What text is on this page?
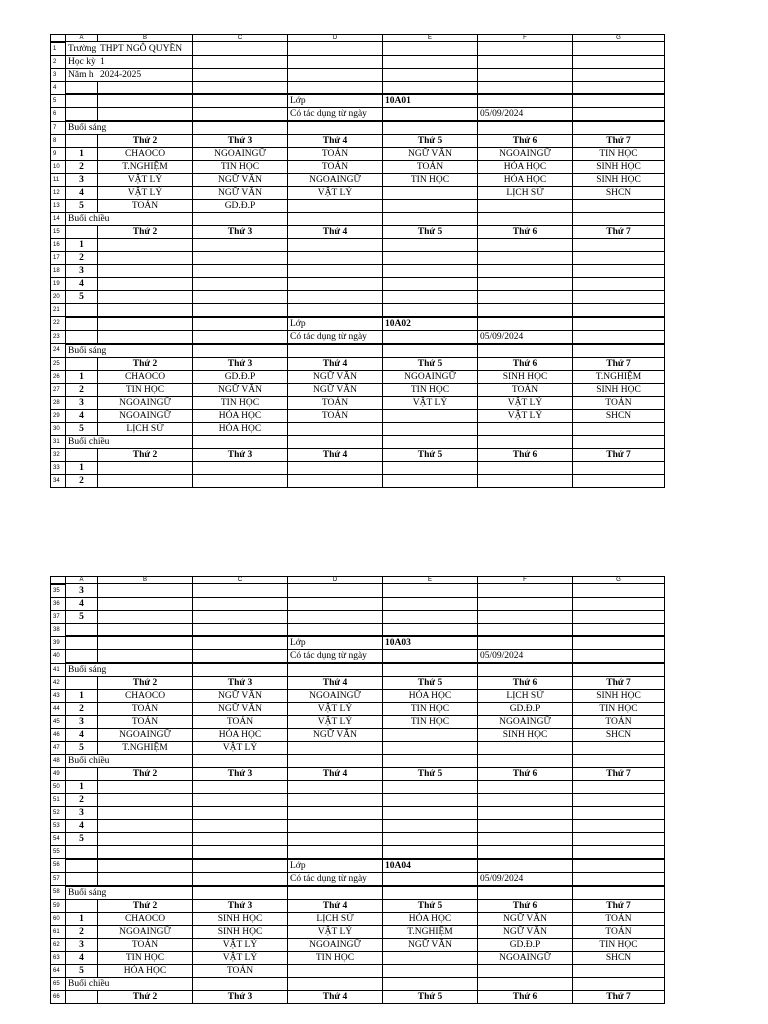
	A	B	C	D	E	F	G
1	Trường	THPT NGÔ QUYỀN					
2	Học kỳ	1					
3	Năm h	2024-2025					
4							
5				Lớp	10A01		
6				Có tác dụng từ ngày		05/09/2024	
7	Buổi sáng						
8		Thứ 2	Thứ 3	Thứ 4	Thứ 5	Thứ 6	Thứ 7
9	1	CHAOCO	NGOAINGỮ	TOÁN	NGỮ VĂN	NGOAINGỮ	TIN HỌC
10	2	T.NGHIỆM	TIN HỌC	TOÁN	TOÁN	HÓA HỌC	SINH HỌC
11	3	VẬT LÝ	NGỮ VĂN	NGOAINGỮ	TIN HỌC	HÓA HỌC	SINH HỌC
12	4	VẬT LÝ	NGỮ VĂN	VẬT LÝ		LỊCH SỬ	SHCN
13	5	TOÁN	GD.Đ.P				
14	Buổi chiều						
15		Thứ 2	Thứ 3	Thứ 4	Thứ 5	Thứ 6	Thứ 7
16	1						
17	2						
18	3						
19	4						
20	5						
21							
22				Lớp	10A02		
23				Có tác dụng từ ngày		05/09/2024	
24	Buổi sáng						
25		Thứ 2	Thứ 3	Thứ 4	Thứ 5	Thứ 6	Thứ 7
26	1	CHAOCO	GD.Đ.P	NGỮ VĂN	NGOAINGỮ	SINH HỌC	T.NGHIỆM
27	2	TIN HỌC	NGỮ VĂN	NGỮ VĂN	TIN HỌC	TOÁN	SINH HỌC
28	3	NGOAINGỮ	TIN HỌC	TOÁN	VẬT LÝ	VẬT LÝ	TOÁN
29	4	NGOAINGỮ	HÓA HỌC	TOÁN		VẬT LÝ	SHCN
30	5	LỊCH SỬ	HÓA HỌC				
31	Buổi chiều						
32		Thứ 2	Thứ 3	Thứ 4	Thứ 5	Thứ 6	Thứ 7
33	1						
34	2						
	A	B	C	D	E	F	G
35	3						
36	4						
37	5						
38							
39				Lớp	10A03		
40				Có tác dụng từ ngày		05/09/2024	
41	Buổi sáng						
42		Thứ 2	Thứ 3	Thứ 4	Thứ 5	Thứ 6	Thứ 7
43	1	CHAOCO	NGỮ VĂN	NGOAINGỮ	HÓA HỌC	LỊCH SỬ	SINH HỌC
44	2	TOÁN	NGỮ VĂN	VẬT LÝ	TIN HỌC	GD.Đ.P	TIN HỌC
45	3	TOÁN	TOÁN	VẬT LÝ	TIN HỌC	NGOAINGỮ	TOÁN
46	4	NGOAINGỮ	HÓA HỌC	NGỮ VĂN		SINH HỌC	SHCN
47	5	T.NGHIỆM	VẬT LÝ				
48	Buổi chiều						
49		Thứ 2	Thứ 3	Thứ 4	Thứ 5	Thứ 6	Thứ 7
50	1						
51	2						
52	3						
53	4						
54	5						
55							
56				Lớp	10A04		
57				Có tác dụng từ ngày		05/09/2024	
58	Buổi sáng						
59		Thứ 2	Thứ 3	Thứ 4	Thứ 5	Thứ 6	Thứ 7
60	1	CHAOCO	SINH HỌC	LỊCH SỬ	HÓA HỌC	NGỮ VĂN	TOÁN
61	2	NGOAINGỮ	SINH HỌC	VẬT LÝ	T.NGHIỆM	NGỮ VĂN	TOÁN
62	3	TOÁN	VẬT LÝ	NGOAINGỮ	NGỮ VĂN	GD.Đ.P	TIN HỌC
63	4	TIN HỌC	VẬT LÝ	TIN HỌC		NGOAINGỮ	SHCN
64	5	HÓA HỌC	TOÁN				
65	Buổi chiều						
66		Thứ 2	Thứ 3	Thứ 4	Thứ 5	Thứ 6	Thứ 7
